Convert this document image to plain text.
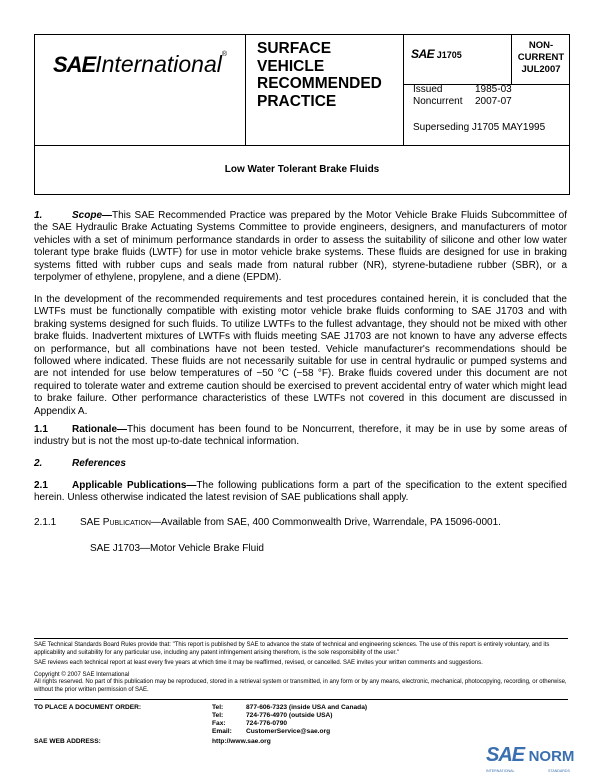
SAEInternational® SURFACE
VEHICLE
RECOMMENDED
PRACTICE
SAE J1705
NON-
CURRENT
JUL2007
Issued	1985-03
Noncurrent 2007-07
Superseding J1705 MAY1995
Low Water Tolerant Brake Fluids
1.	Scope—This SAE Recommended Practice was prepared by the Motor Vehicle Brake Fluids Subcommittee of the SAE Hydraulic Brake Actuating Systems Committee to provide engineers, designers, and manufacturers of motor vehicles with a set of minimum performance standards in order to assess the suitability of silicone and other low water tolerant type brake fluids (LWTF) for use in motor vehicle brake systems. These fluids are designed for use in braking systems fitted with rubber cups and seals made from natural rubber (NR), styrene-butadiene rubber (SBR), or a terpolymer of ethylene, propylene, and a diene (EPDM).
In the development of the recommended requirements and test procedures contained herein, it is concluded that the LWTFs must be functionally compatible with existing motor vehicle brake fluids conforming to SAE J1703 and with braking systems designed for such fluids. To utilize LWTFs to the fullest advantage, they should not be mixed with other brake fluids. Inadvertent mixtures of LWTFs with fluids meeting SAE J1703 are not known to have any adverse effects on performance, but all combinations have not been tested. Vehicle manufacturer's recommendations should be followed where indicated. These fluids are not necessarily suitable for use in central hydraulic or pumped systems and are not intended for use below temperatures of −50 °C (−58 °F). Brake fluids covered under this document are not required to tolerate water and extreme caution should be exercised to prevent accidental entry of water which might lead to brake failure. Other performance characteristics of these LWTFs not covered in this document are discussed in Appendix A.
1.1	Rationale—This document has been found to be Noncurrent, therefore, it may be in use by some areas of industry but is not the most up-to-date technical information.
2.	References
2.1	Applicable Publications—The following publications form a part of the specification to the extent specified herein. Unless otherwise indicated the latest revision of SAE publications shall apply.
2.1.1 SAE Publication—Available from SAE, 400 Commonwealth Drive, Warrendale, PA 15096-0001.
SAE J1703—Motor Vehicle Brake Fluid
SAE Technical Standards Board Rules provide that: "This report is published by SAE to advance the state of technical and engineering sciences. The use of this report is entirely voluntary, and its applicability and suitability for any particular use, including any patent infringement arising therefrom, is the sole responsibility of the user."
SAE reviews each technical report at least every five years at which time it may be reaffirmed, revised, or cancelled. SAE invites your written comments and suggestions.
Copyright © 2007 SAE International
All rights reserved. No part of this publication may be reproduced, stored in a retrieval system or transmitted, in any form or by any means, electronic, mechanical, photocopying, recording, or otherwise, without the prior written permission of SAE.
TO PLACE A DOCUMENT ORDER:	Tel:	877-606-7323 (inside USA and Canada)
Tel:	724-776-4970 (outside USA)
Fax:	724-776-0790
Email: CustomerService@sae.org
SAE WEB ADDRESS:	http://www.sae.org
SAE NORM
INTERNATIONAL	STANDARDS
